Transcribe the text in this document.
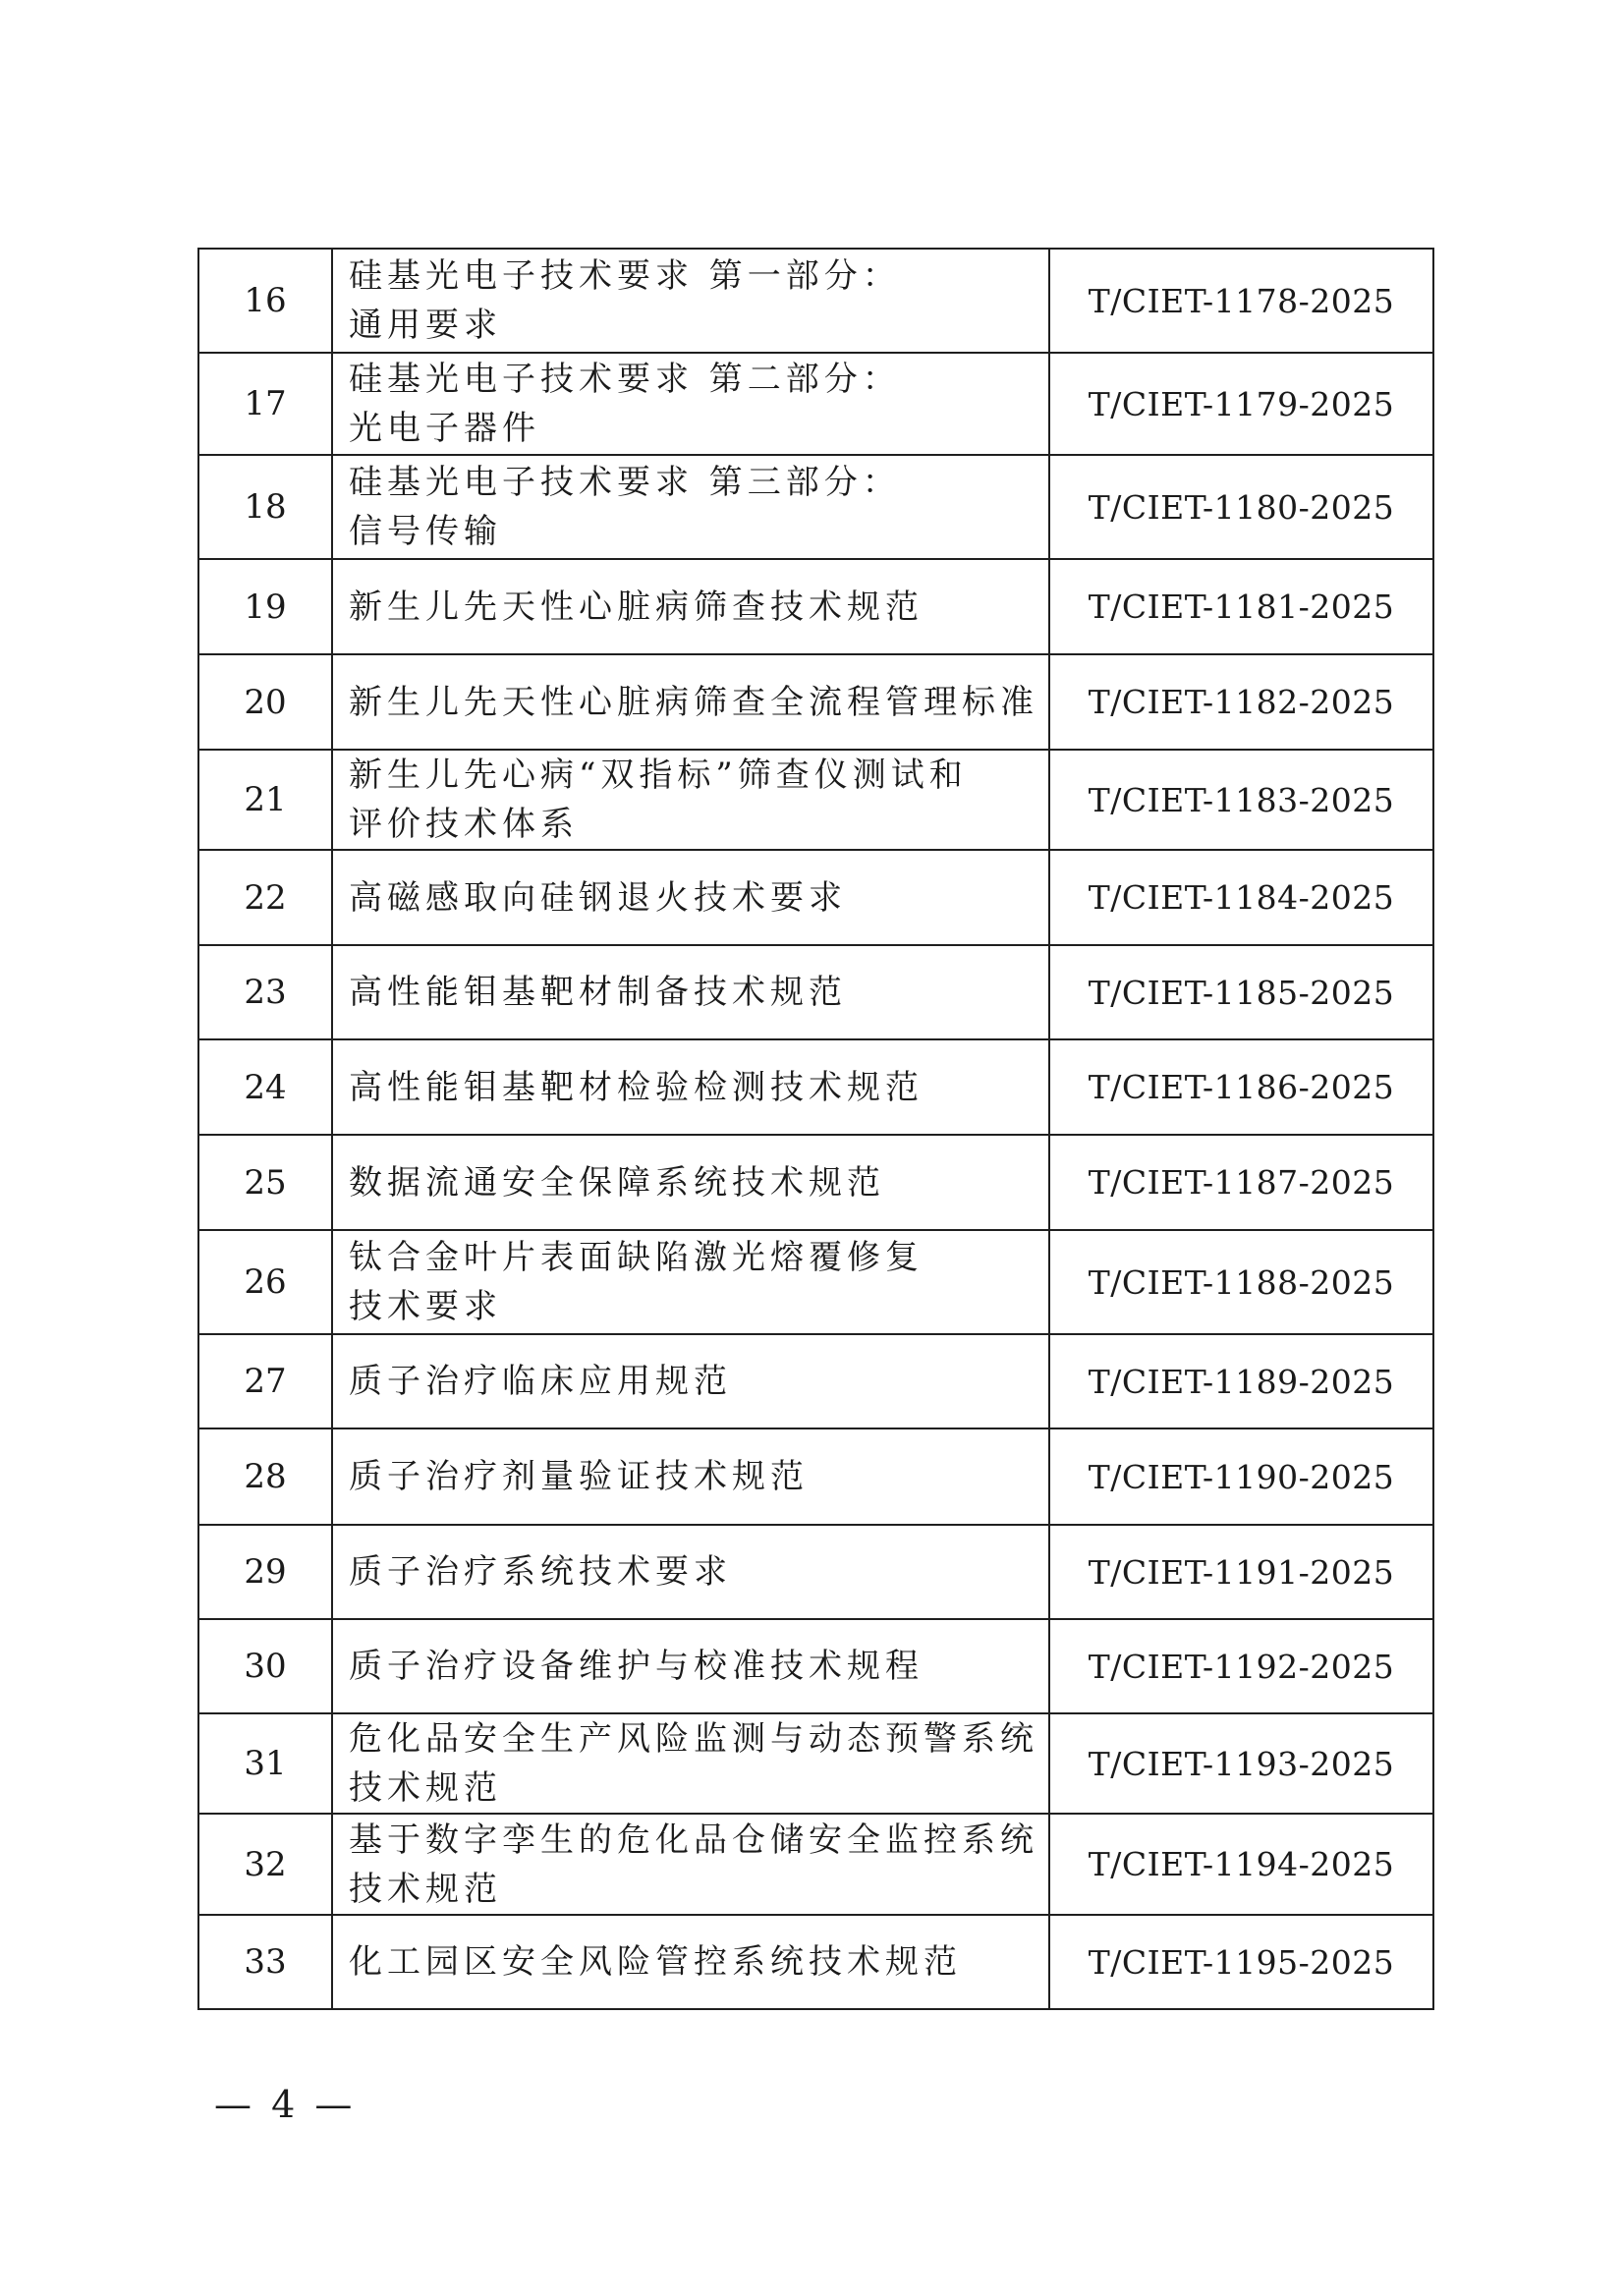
16	硅基光电子技术要求 第一部分：
通用要求	T/CIET-1178-2025
17	硅基光电子技术要求 第二部分：
光电子器件	T/CIET-1179-2025
18	硅基光电子技术要求 第三部分：
信号传输	T/CIET-1180-2025
19	新生儿先天性心脏病筛查技术规范	T/CIET-1181-2025
20	新生儿先天性心脏病筛查全流程管理标准	T/CIET-1182-2025
21	新生儿先心病“双指标”筛查仪测试和
评价技术体系	T/CIET-1183-2025
22	高磁感取向硅钢退火技术要求	T/CIET-1184-2025
23	高性能钼基靶材制备技术规范	T/CIET-1185-2025
24	高性能钼基靶材检验检测技术规范	T/CIET-1186-2025
25	数据流通安全保障系统技术规范	T/CIET-1187-2025
26	钛合金叶片表面缺陷激光熔覆修复
技术要求	T/CIET-1188-2025
27	质子治疗临床应用规范	T/CIET-1189-2025
28	质子治疗剂量验证技术规范	T/CIET-1190-2025
29	质子治疗系统技术要求	T/CIET-1191-2025
30	质子治疗设备维护与校准技术规程	T/CIET-1192-2025
31	危化品安全生产风险监测与动态预警系统
技术规范	T/CIET-1193-2025
32	基于数字孪生的危化品仓储安全监控系统
技术规范	T/CIET-1194-2025
33	化工园区安全风险管控系统技术规范	T/CIET-1195-2025
— 4 —
